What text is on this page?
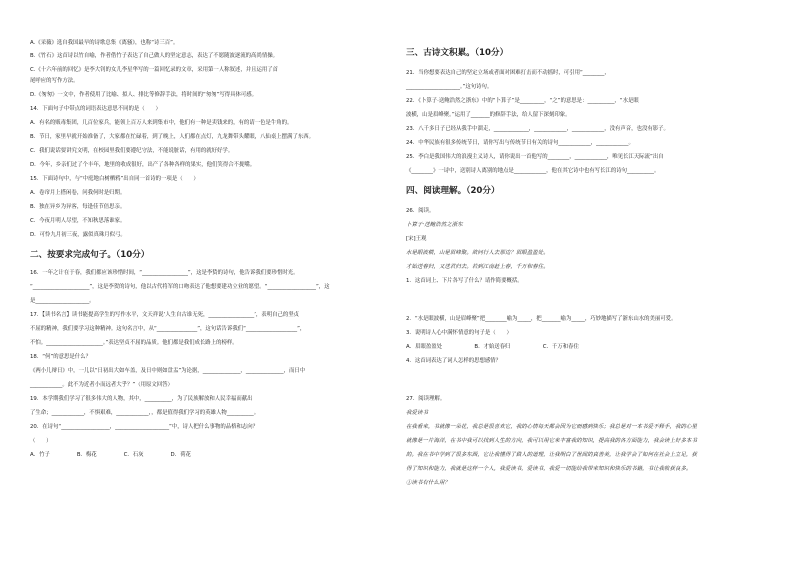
A.《采薇》选自我国最早的诗歌总集《离骚》，也称“诗三百”。
B.《竹石》这首诗以竹自喻，作者借竹子表达了自己做人的坚定意志，表达了不愿随波逐流的高尚情操。
C.《十六年前的回忆》是李大钊的女儿李星华写的一篇回忆录的文章，采用第一人称叙述，并且运用了首
尾呼应的写作方法。
D.《匆匆》一文中，作者使用了比喻、拟人、排比等修辞手法，将时间的“匆匆”写得具体可感。
14．下面句子中带点的词语表达意思不同的是（　　）
A．有名的贩毒集团，几百位家兵，能领上百万人来到集市中，他们有一种是卖钱来的，有的请一色是牛角的。
B．节日，家里早就开始准备了，大家都在忙碌着，到了晚上，人们都在点灯，九龙舞带头耀眼，八仙桌上摆满了东西。
C．我们说话要讲究文明，在校园里我们要遵纪守法，不能说脏话，有用的就好好学。
D．今年，乡亲们过了个丰年，地里的收成很好，出产了各种各样的果实，他们笑得合不拢嘴。
15．下面诗句中，与“中庭地白树栖鸦”出自同一首诗的一项是（　　）
A．卷帘月上搭闲卷，问我何时是归期。
B．独在异乡为异客，每逢佳节倍思亲。
C．今夜月明人尽望，不知秋思落谁家。
D．可怜九月初三夜，露似真珠月似弓。
二、按要求完成句子。（10分）
16．一年之计在于春，我们都应该珍惜时间，“_________________”，这是李贽的诗句，他告诉我们要珍惜时光。
“_____________________”，这是李贺的诗句，他以古代将军的口吻表达了他想要建功立业的愿望。“__________________”，这
是____________________。
17．【读书名言】读书能提高学生的写作水平，文天祥说‘人生自古谁无死，_________________’，表明自己的坚贞
不屈的精神，我们要学习这种精神。这句名言中，从“_______________”，这句话告诉我们“___________________”，
不怕。_____________________。”表达坚贞不屈的品质。他们都是我们成长路上的榜样。
18．“何”的意思是什么？
《两小儿辩日》中，一儿以“日初出大如车盖，及日中则如盘盂”为论据，______________，______________，而日中
____________。此不为近者小而远者大乎？”（用原文回答）
19．本学期我们学习了很多伟大的人物，其中，__________，为了民族解放和人民幸福而献出
了生命；____________，不惧艰难，____________，，都是值得我们学习的英雄人物__________。
20．在诗句“__________________，____________________”中，诗人把什么事物的品格和志向？
（　　）
A．竹子　　　　　B．梅花　　　　　C．石灰　　　　　D．荷花
三、古诗文积累。（10分）
21．当你想要表达自己的坚定立场或者面对困难打击而不动摇时，可引用“________，
____________________。”这句诗句。
22．《卜算子·送鲍浩然之浙东》中的“卜算子”是_________，“之”的意思是：__________，“水是眼
波横，山是眉峰聚。”运用了_______的修辞手法，给人留下深刻印象。
23．八千多日子已经从我手中溜走，_____________，____________，____________，没有声音，也没有影子。
24．中华民族有很多传统节日，请你写出与传统节日有关的诗句____________，____________。
25．李白是我国伟大的浪漫主义诗人，请你说出一首他写的________，____________，唯见长江天际流”出自
《________》一诗中，送别诗人离别的地点是____________，他在其它诗中也有写长江的诗句__________。
四、阅读理解。（20分）
26．阅读。
卜算子·送鲍浩然之浙东
[宋]王观
水是眼波横，山是眉峰聚。欲问行人去那边？眉眼盈盈处。
才始送春归，又送君归去。若到江南赶上春，千万和春住。
1．这首词上、下片各写了什么？请作简要概括。
2．“水是眼波横，山是眉峰聚”把________喻为_____，把_______喻为_____，巧妙地描写了浙东山水的美丽可爱。
3．说明诗人心中满怀情意的句子是（　　）
A．眉眼盈盈处　　　　　　B．才始送春归　　　　　　C．千万和春住
4．这首词表达了词人怎样的思想感情？
27．阅读理解。
我爱读书
在我看来，书就像一朵花，我总是很喜欢它，我的心情每天都会因为它而感到快乐；我总是对一本书爱不释手，我的心里
就像是一片海洋，在书中我可以找到人生的方向，我可以用它来丰富我的知识，提高我的各方面能力，我会读上好多本书
的。我在书中学到了很多东西，它让我懂得了做人的道理，让我明白了世间的真善美，让我学会了如何在社会上立足，获
得了知识和能力，我就是这样一个人，我爱读书，爱读书，我爱一切能给我带来知识和快乐的书籍，书让我收获良多。
①读书有什么用？
